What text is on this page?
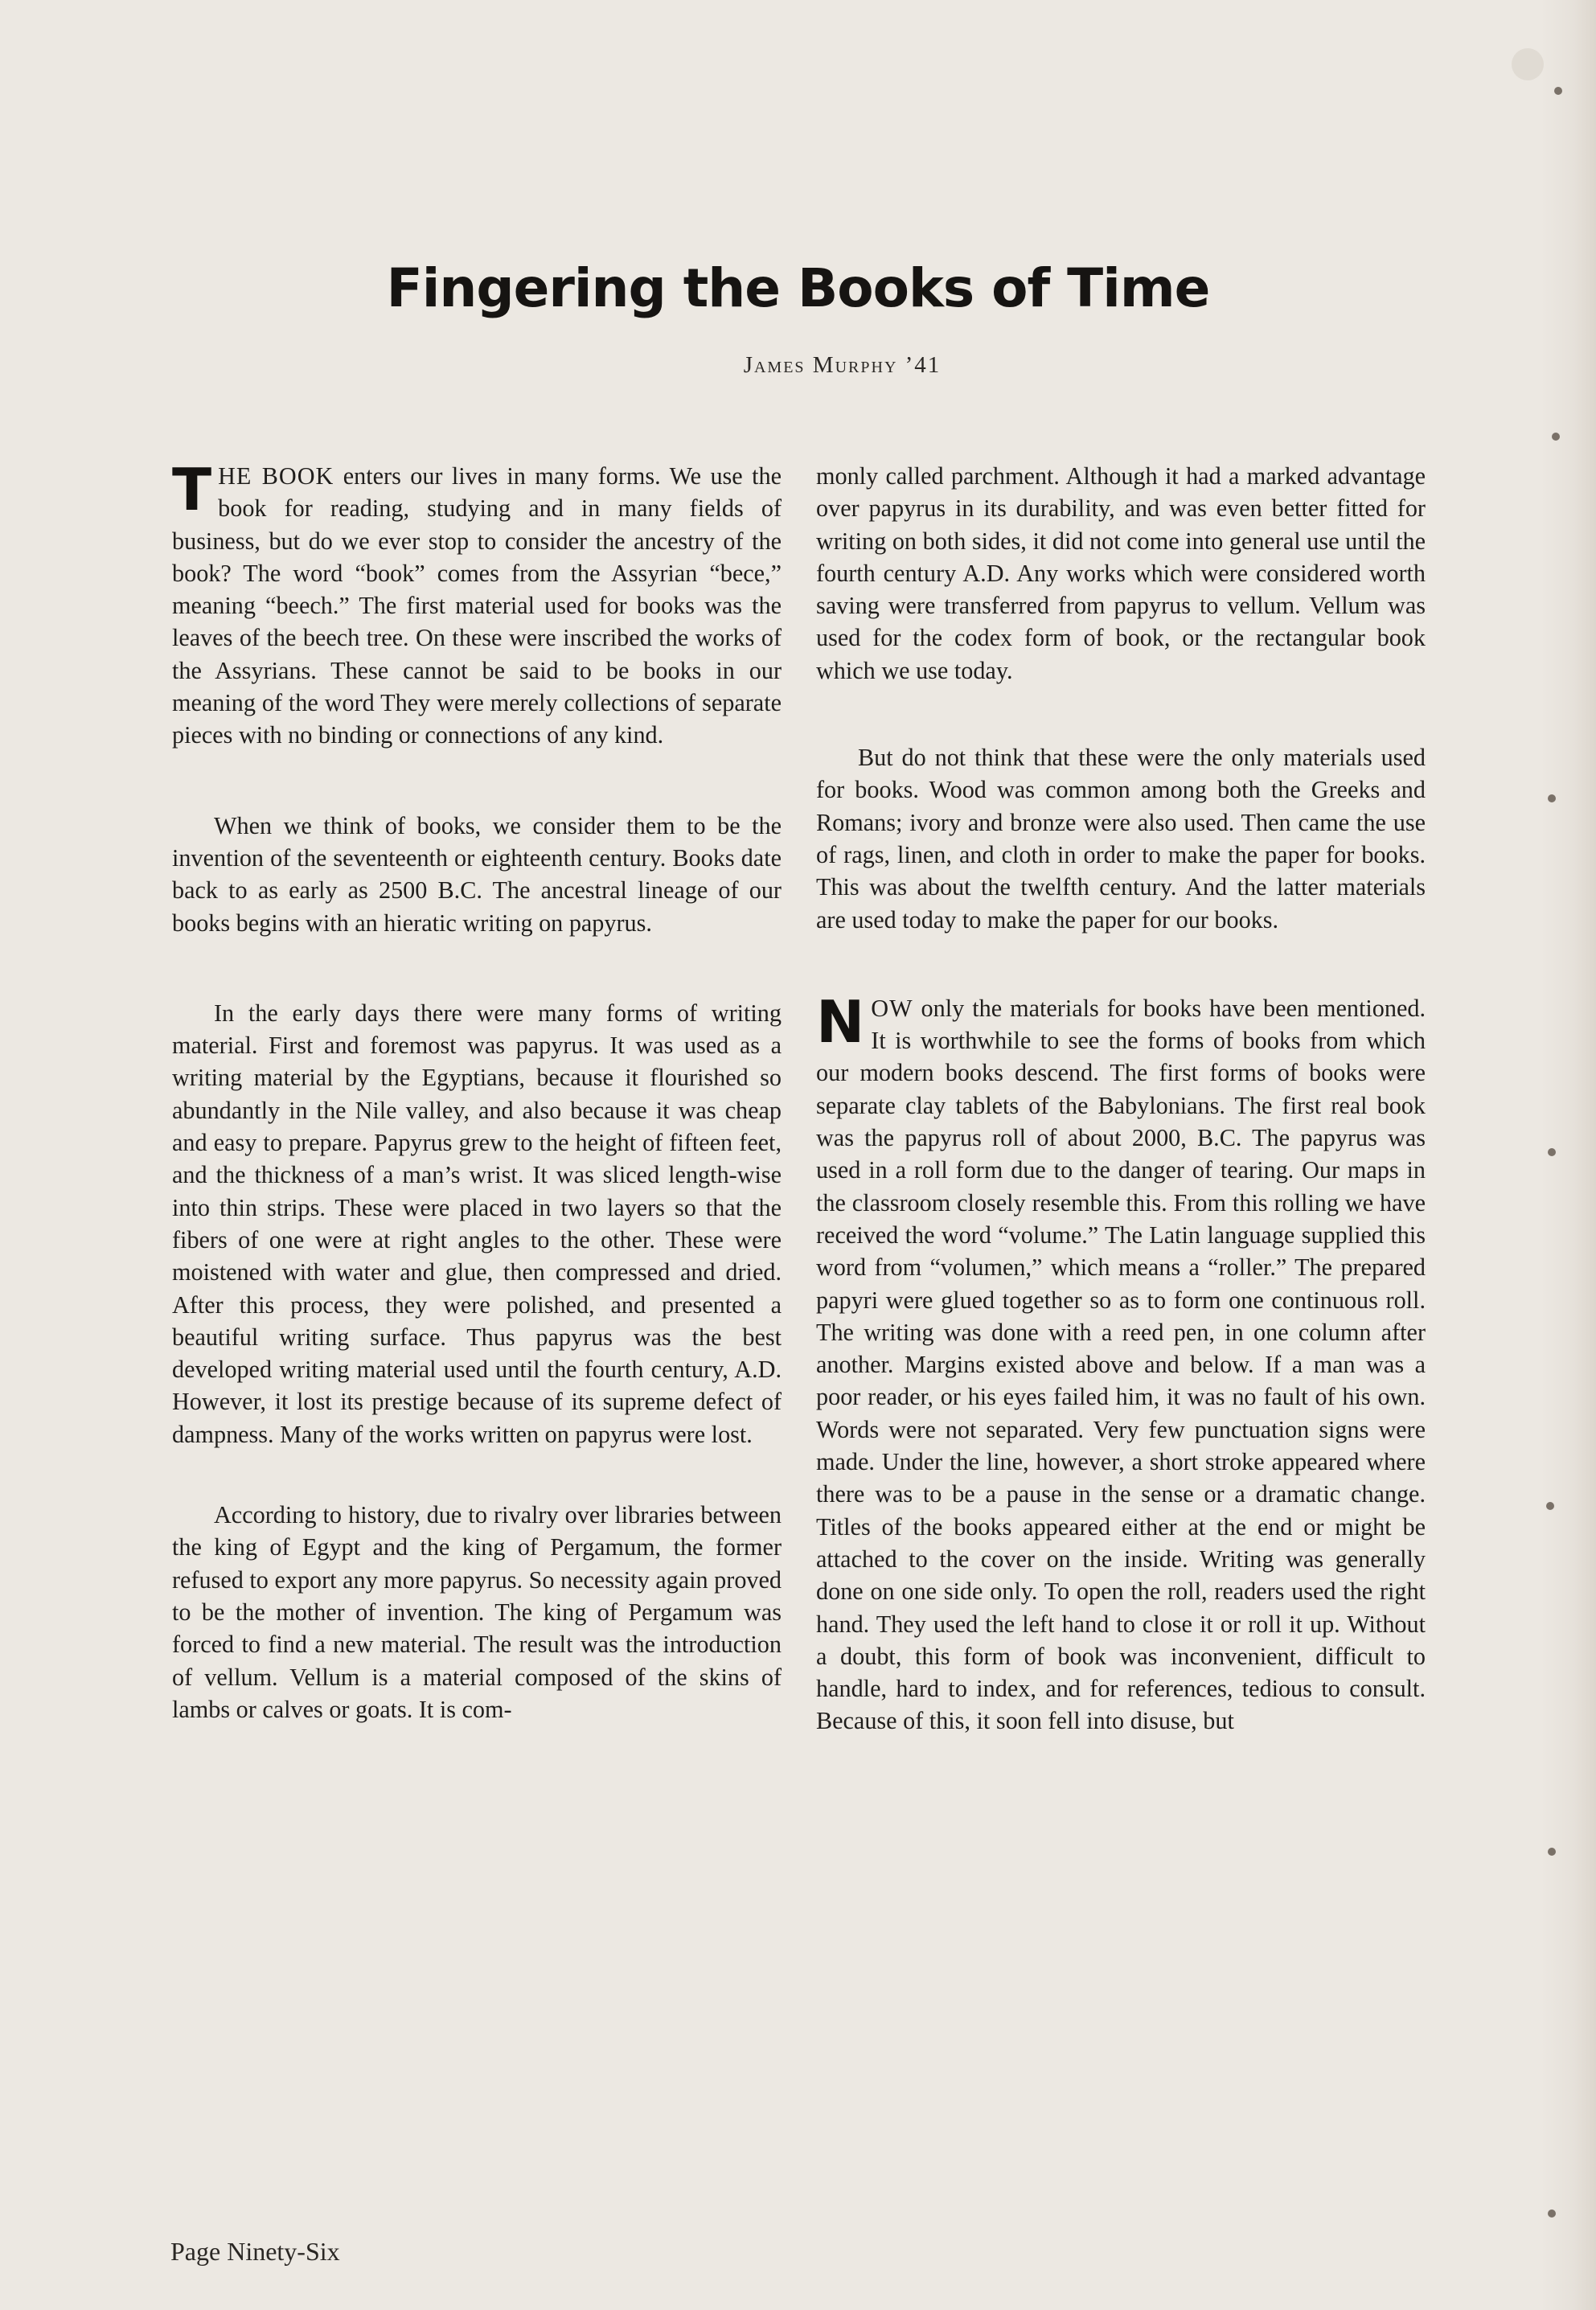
Fingering the Books of Time
James Murphy ’41

THE BOOK enters our lives in many forms. We use the book for reading, studying and in many fields of business, but do we ever stop to consider the ancestry of the book? The word “book” comes from the Assyrian “bece,” meaning “beech.” The first material used for books was the leaves of the beech tree. On these were inscribed the works of the Assyrians. These cannot be said to be books in our meaning of the word They were merely collections of separate pieces with no binding or connections of any kind.

When we think of books, we consider them to be the invention of the seventeenth or eighteenth century. Books date back to as early as 2500 B.C. The ancestral lineage of our books begins with an hieratic writing on papyrus.

In the early days there were many forms of writing material. First and foremost was papyrus. It was used as a writing material by the Egyptians, because it flourished so abundantly in the Nile valley, and also because it was cheap and easy to prepare. Papyrus grew to the height of fifteen feet, and the thickness of a man’s wrist. It was sliced length-wise into thin strips. These were placed in two layers so that the fibers of one were at right angles to the other. These were moistened with water and glue, then compressed and dried. After this process, they were polished, and presented a beautiful writing surface. Thus papyrus was the best developed writing material used until the fourth century, A.D. However, it lost its prestige because of its supreme defect of dampness. Many of the works written on papyrus were lost.

According to history, due to rivalry over libraries between the king of Egypt and the king of Pergamum, the former refused to export any more papyrus. So necessity again proved to be the mother of invention. The king of Pergamum was forced to find a new material. The result was the introduction of vellum. Vellum is a material composed of the skins of lambs or calves or goats. It is com-

monly called parchment. Although it had a marked advantage over papyrus in its durability, and was even better fitted for writing on both sides, it did not come into general use until the fourth century A.D. Any works which were considered worth saving were transferred from papyrus to vellum. Vellum was used for the codex form of book, or the rectangular book which we use today.

But do not think that these were the only materials used for books. Wood was common among both the Greeks and Romans; ivory and bronze were also used. Then came the use of rags, linen, and cloth in order to make the paper for books. This was about the twelfth century. And the latter materials are used today to make the paper for our books.

NOW only the materials for books have been mentioned. It is worthwhile to see the forms of books from which our modern books descend. The first forms of books were separate clay tablets of the Babylonians. The first real book was the papyrus roll of about 2000, B.C. The papyrus was used in a roll form due to the danger of tearing. Our maps in the classroom closely resemble this. From this rolling we have received the word “volume.” The Latin language supplied this word from “volumen,” which means a “roller.” The prepared papyri were glued together so as to form one continuous roll. The writing was done with a reed pen, in one column after another. Margins existed above and below. If a man was a poor reader, or his eyes failed him, it was no fault of his own. Words were not separated. Very few punctuation signs were made. Under the line, however, a short stroke appeared where there was to be a pause in the sense or a dramatic change. Titles of the books appeared either at the end or might be attached to the cover on the inside. Writing was generally done on one side only. To open the roll, readers used the right hand. They used the left hand to close it or roll it up. Without a doubt, this form of book was inconvenient, difficult to handle, hard to index, and for references, tedious to consult. Because of this, it soon fell into disuse, but

Page Ninety-Six
